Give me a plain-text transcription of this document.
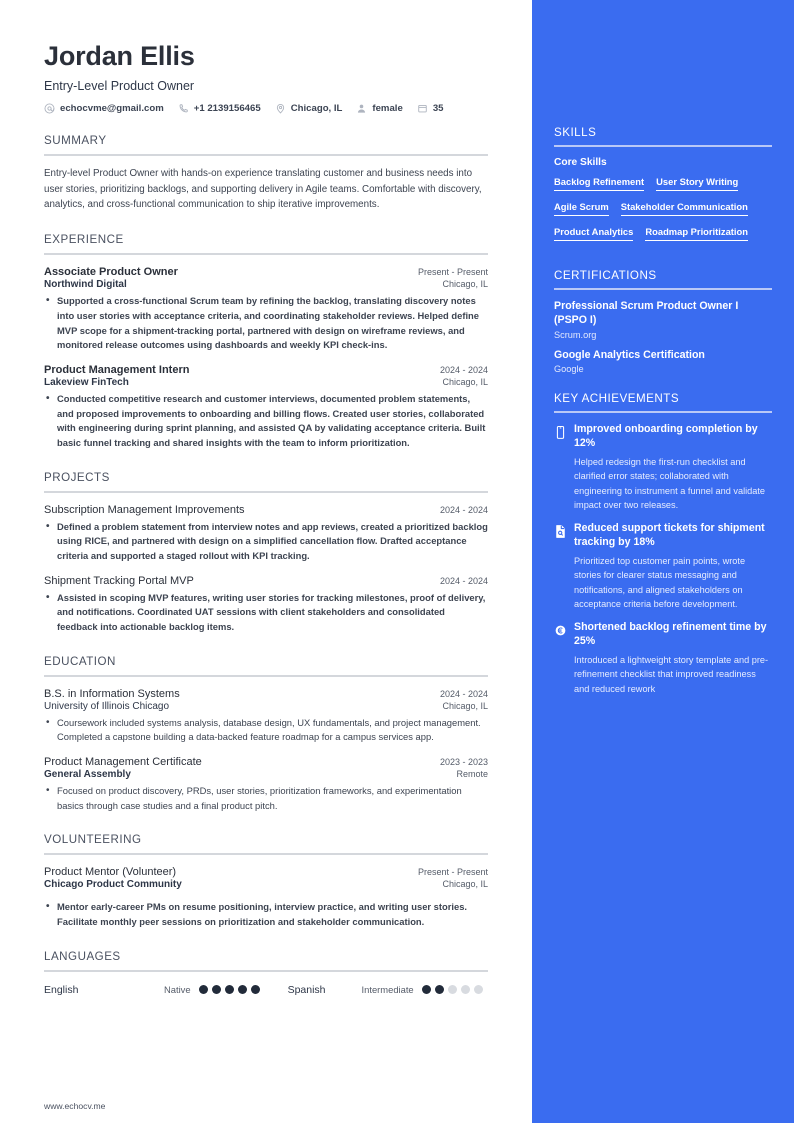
Jordan Ellis
Entry-Level Product Owner
echocvme@gmail.com	+1 2139156465	Chicago, IL	female	35
SUMMARY
Entry-level Product Owner with hands-on experience translating customer and business needs into user stories, prioritizing backlogs, and supporting delivery in Agile teams. Comfortable with discovery, analytics, and cross-functional communication to ship iterative improvements.
EXPERIENCE
Associate Product Owner	Present - Present
Northwind Digital	Chicago, IL
• Supported a cross-functional Scrum team by refining the backlog, translating discovery notes into user stories with acceptance criteria, and coordinating stakeholder reviews. Helped define MVP scope for a shipment-tracking portal, partnered with design on wireframe reviews, and monitored release outcomes using dashboards and weekly KPI check-ins.
Product Management Intern	2024 - 2024
Lakeview FinTech	Chicago, IL
• Conducted competitive research and customer interviews, documented problem statements, and proposed improvements to onboarding and billing flows. Created user stories, collaborated with engineering during sprint planning, and assisted QA by validating acceptance criteria. Built basic funnel tracking and shared insights with the team to inform prioritization.
PROJECTS
Subscription Management Improvements	2024 - 2024
• Defined a problem statement from interview notes and app reviews, created a prioritized backlog using RICE, and partnered with design on a simplified cancellation flow. Drafted acceptance criteria and supported a staged rollout with KPI tracking.
Shipment Tracking Portal MVP	2024 - 2024
• Assisted in scoping MVP features, writing user stories for tracking milestones, proof of delivery, and notifications. Coordinated UAT sessions with client stakeholders and consolidated feedback into actionable backlog items.
EDUCATION
B.S. in Information Systems	2024 - 2024
University of Illinois Chicago	Chicago, IL
• Coursework included systems analysis, database design, UX fundamentals, and project management. Completed a capstone building a data-backed feature roadmap for a campus services app.
Product Management Certificate	2023 - 2023
General Assembly	Remote
• Focused on product discovery, PRDs, user stories, prioritization frameworks, and experimentation basics through case studies and a final product pitch.
VOLUNTEERING
Product Mentor (Volunteer)	Present - Present
Chicago Product Community	Chicago, IL
• Mentor early-career PMs on resume positioning, interview practice, and writing user stories. Facilitate monthly peer sessions on prioritization and stakeholder communication.
LANGUAGES
English	Native	Spanish	Intermediate
www.echocv.me
SKILLS
Core Skills
Backlog Refinement User Story Writing
Agile Scrum Stakeholder Communication
Product Analytics Roadmap Prioritization
CERTIFICATIONS
Professional Scrum Product Owner I (PSPO I)
Scrum.org
Google Analytics Certification
Google
KEY ACHIEVEMENTS
Improved onboarding completion by 12%
Helped redesign the first-run checklist and clarified error states; collaborated with engineering to instrument a funnel and validate impact over two releases.
Reduced support tickets for shipment tracking by 18%
Prioritized top customer pain points, wrote stories for clearer status messaging and notifications, and aligned stakeholders on acceptance criteria before development.
Shortened backlog refinement time by 25%
Introduced a lightweight story template and pre-refinement checklist that improved readiness and reduced rework
